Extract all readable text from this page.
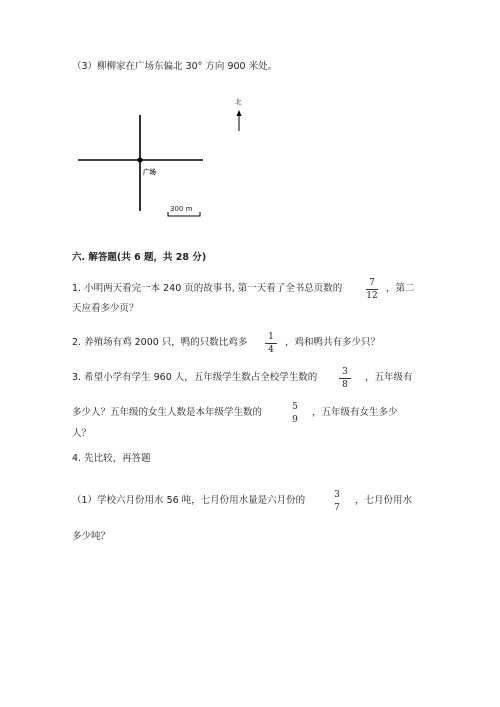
（3）柳柳家在广场东偏北 30° 方向 900 米处。
北
广场
300 m
六. 解答题(共 6 题，共 28 分)
1. 小明两天看完一本 240 页的故事书, 第一天看了全书总页数的	7
12
，第二
天应看多少页？
2. 养殖场有鸡 2000 只，鸭的只数比鸡多	1
4
，鸡和鸭共有多少只？
3. 希望小学有学生 960 人，五年级学生数占全校学生数的	3
8
，五年级有
多少人？五年级的女生人数是本年级学生数的	5
9
，五年级有女生多少
人？
4. 先比较，再答题
（1）学校六月份用水 56 吨，七月份用水量是六月份的	3
7
，七月份用水
多少吨？
